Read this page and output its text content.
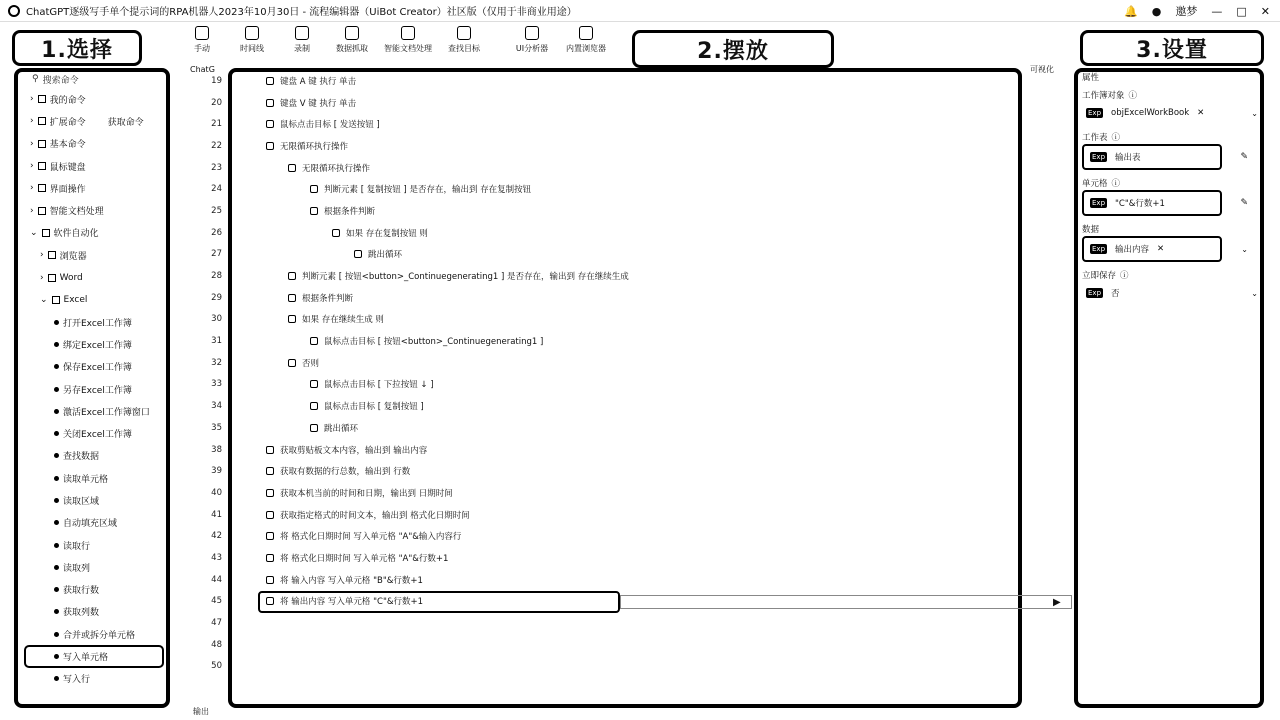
ChatGPT逐级写手单个提示词的RPA机器人2023年10月30日 - 流程编辑器（UiBot Creator）社区版（仅用于非商业用途）	🔔 ● 邀梦 — □ ✕
手动	时间线	录制	数据抓取 智能文档处理 查找目标	UI分析器 内置浏览器
1.选择	2.摆放	3.设置
⚲ 搜索命令
› 我的命令
› 扩展命令 获取命令
› 基本命令
› 鼠标键盘
› 界面操作
› 智能文档处理
⌄ 软件自动化
› 浏览器
› Word
⌄ Excel
打开Excel工作簿
绑定Excel工作簿
保存Excel工作簿
另存Excel工作簿
激活Excel工作簿窗口
关闭Excel工作簿
查找数据
读取单元格
读取区域
自动填充区域
读取行
读取列
获取行数
获取列数
合并或拆分单元格
写入单元格
写入行
ChatG	可视化
19	键盘 A 键 执行 单击
20	键盘 V 键 执行 单击
21	鼠标点击目标 [ 发送按钮 ]
22	无限循环执行操作
23	无限循环执行操作
24	判断元素 [ 复制按钮 ] 是否存在，输出到 存在复制按钮
25	根据条件判断
26	如果 存在复制按钮 则
27	跳出循环
28	判断元素 [ 按钮<button>_Continuegenerating1 ] 是否存在，输出到 存在继续生成
29	根据条件判断
30	如果 存在继续生成 则
31	鼠标点击目标 [ 按钮<button>_Continuegenerating1 ]
32	否则
33	鼠标点击目标 [ 下拉按钮 ↓ ]
34	鼠标点击目标 [ 复制按钮 ]
35	跳出循环
38	获取剪贴板文本内容，输出到 输出内容
39	获取有数据的行总数，输出到 行数
40	获取本机当前的时间和日期，输出到 日期时间
41	获取指定格式的时间文本，输出到 格式化日期时间
42	将 格式化日期时间 写入单元格 "A"&输入内容行
43	将 格式化日期时间 写入单元格 "A"&行数+1
44	将 输入内容 写入单元格 "B"&行数+1
45	将 输出内容 写入单元格 "C"&行数+1
47
48
50
▶
输出
属性
工作簿对象 ⓘ
Exp objExcelWorkBook ✕	⌄
工作表 ⓘ
Exp 输出表	✎
单元格 ⓘ
Exp "C"&行数+1	✎
数据
Exp 输出内容 ✕	⌄
立即保存 ⓘ
Exp 否	⌄
